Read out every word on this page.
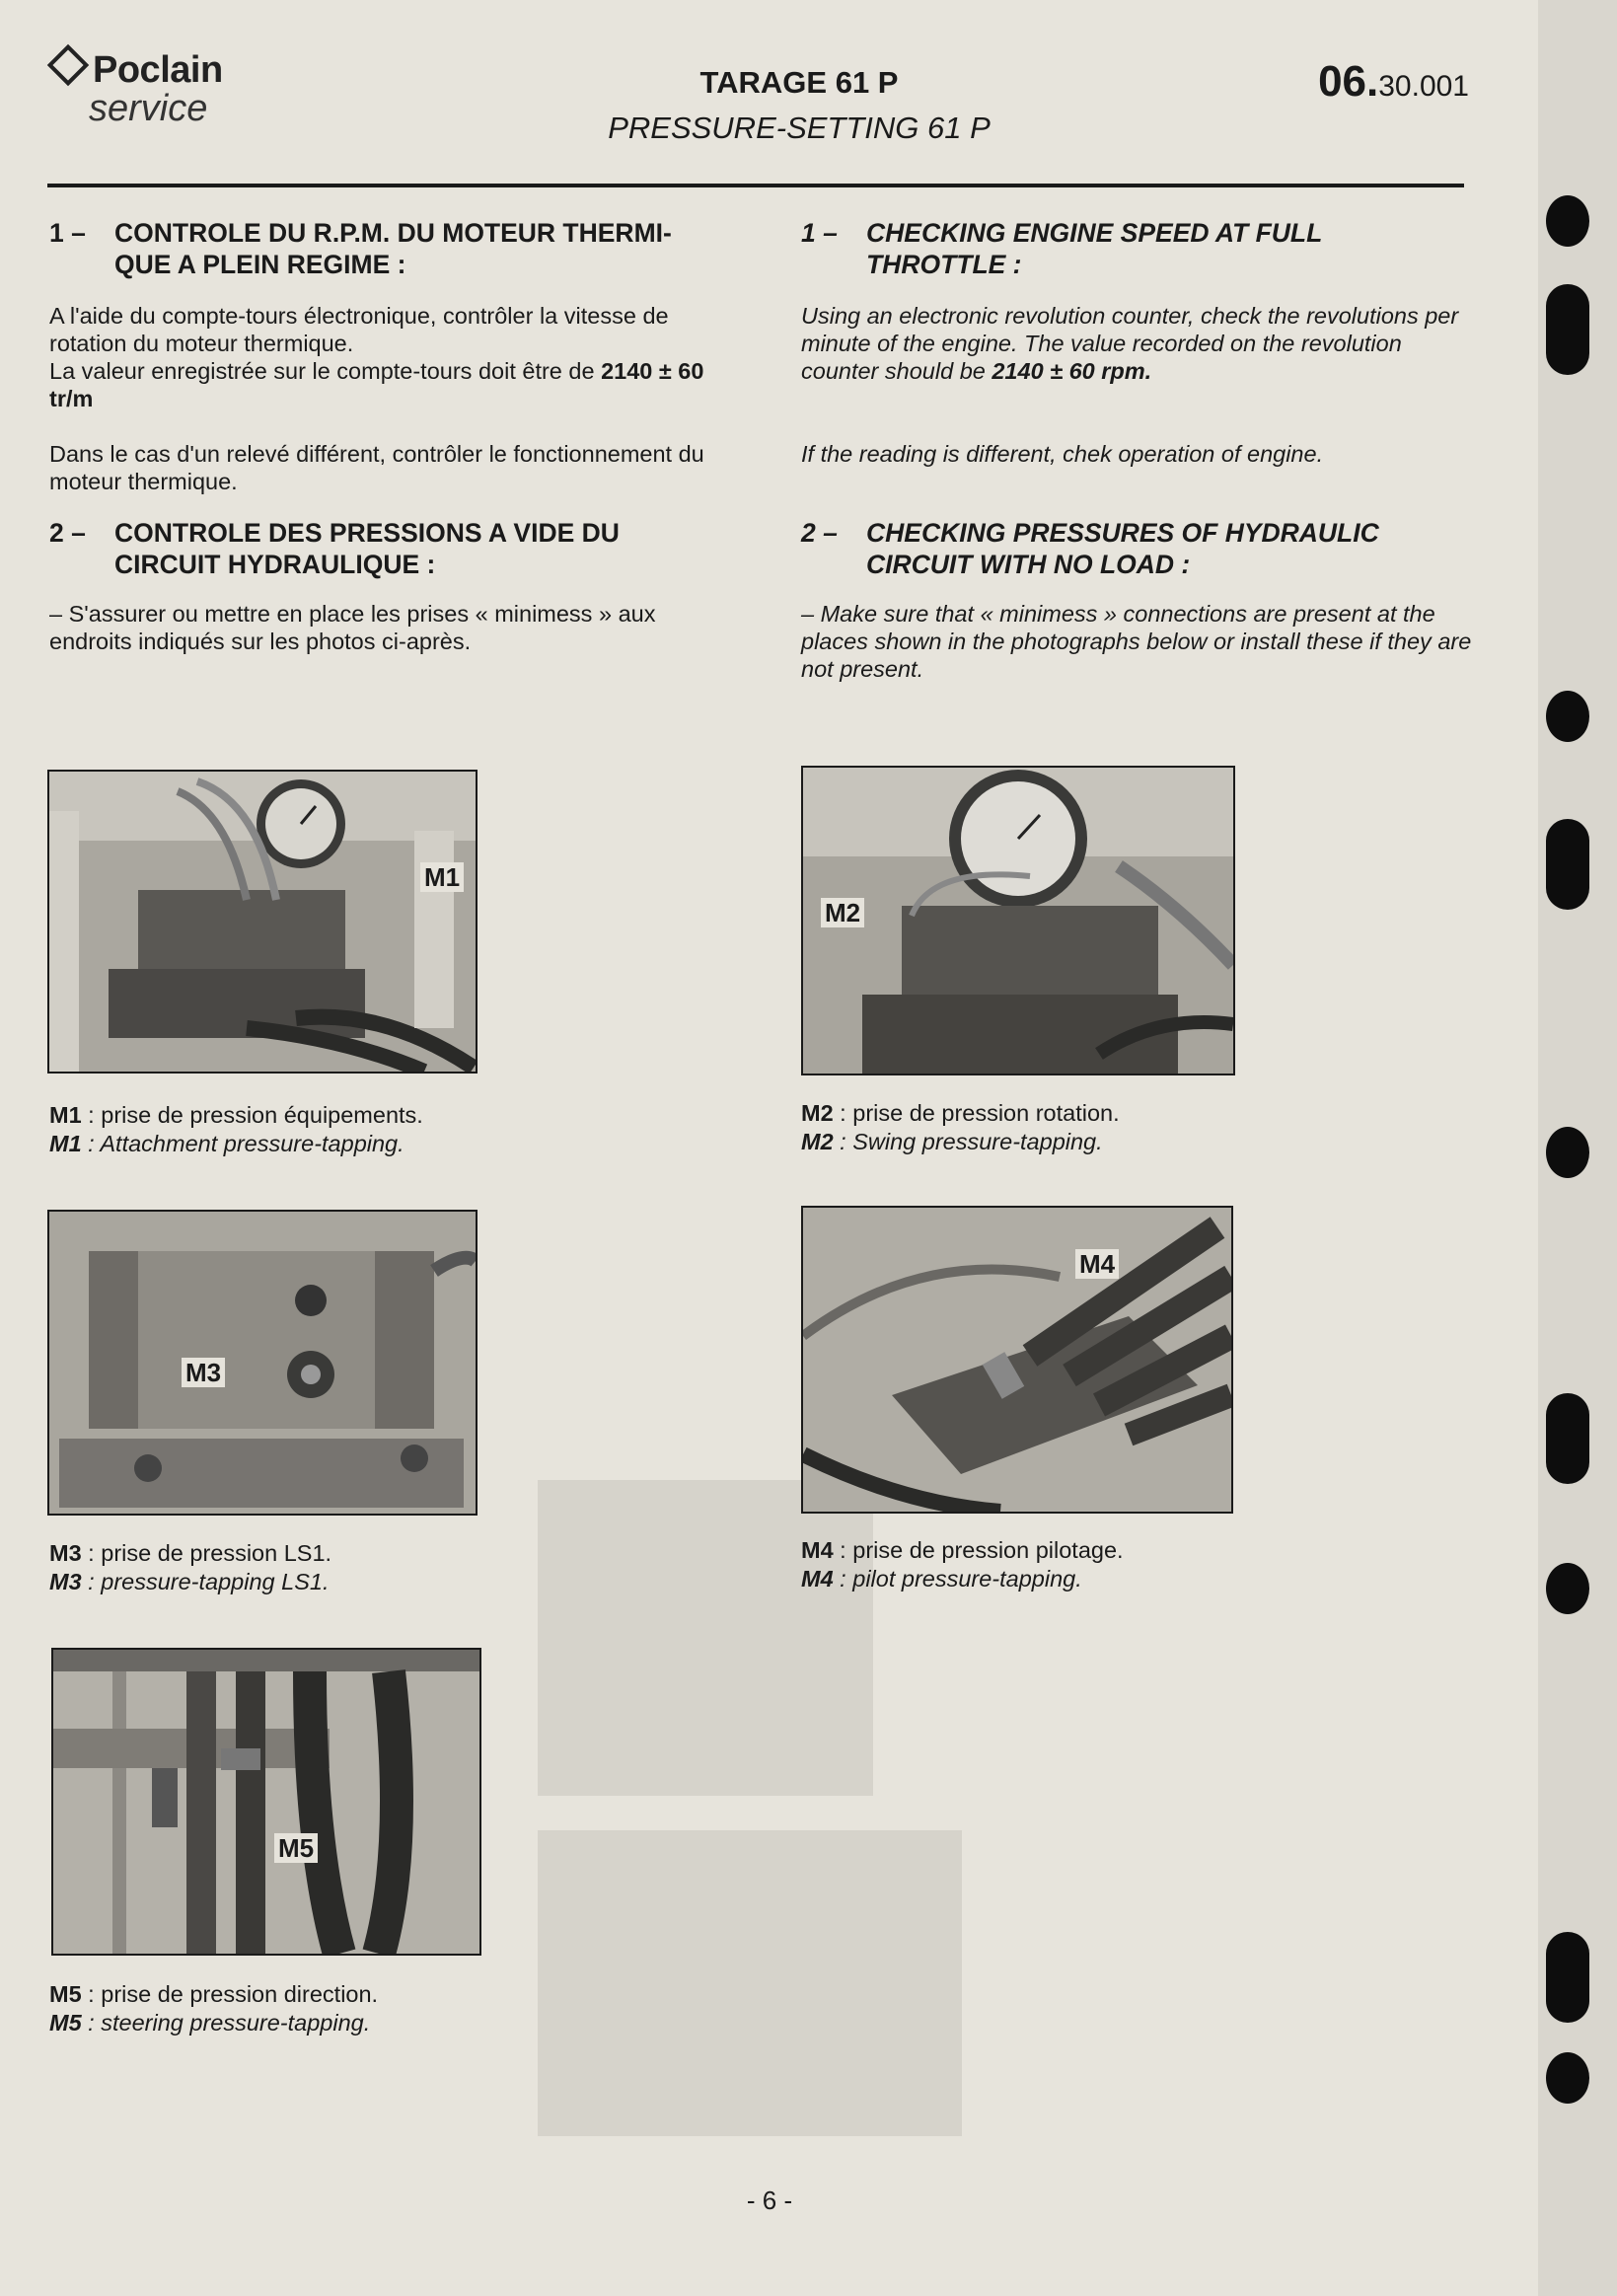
Poclain
service
TARAGE 61 P
PRESSURE-SETTING 61 P
06.30.001
1 – CONTROLE DU R.P.M. DU MOTEUR THERMI-
QUE A PLEIN REGIME :

A l'aide du compte-tours électronique, contrôler la vitesse de rotation du moteur thermique.

La valeur enregistrée sur le compte-tours doit être de 2140 ± 60 tr/m

Dans le cas d'un relevé différent, contrôler le fonctionnement du moteur thermique.

2 – CONTROLE DES PRESSIONS A VIDE DU
CIRCUIT HYDRAULIQUE :

– S'assurer ou mettre en place les prises « minimess » aux endroits indiqués sur les photos ci-après.

1 – CHECKING ENGINE SPEED AT FULL
THROTTLE :

Using an electronic revolution counter, check the revolutions per minute of the engine. The value recorded on the revolution counter should be 2140 ± 60 rpm.

If the reading is different, chek operation of engine.

2 – CHECKING PRESSURES OF HYDRAULIC
CIRCUIT WITH NO LOAD :

– Make sure that « minimess » connections are present at the places shown in the photographs below or install these if they are not present.

M1
M1 : prise de pression équipements.
M1 : Attachment pressure-tapping.
M2
M2 : prise de pression rotation.
M2 : Swing pressure-tapping.
M3
M3 : prise de pression LS1.
M3 : pressure-tapping LS1.
M4
M4 : prise de pression pilotage.
M4 : pilot pressure-tapping.
M5
M5 : prise de pression direction.
M5 : steering pressure-tapping.
- 6 -
